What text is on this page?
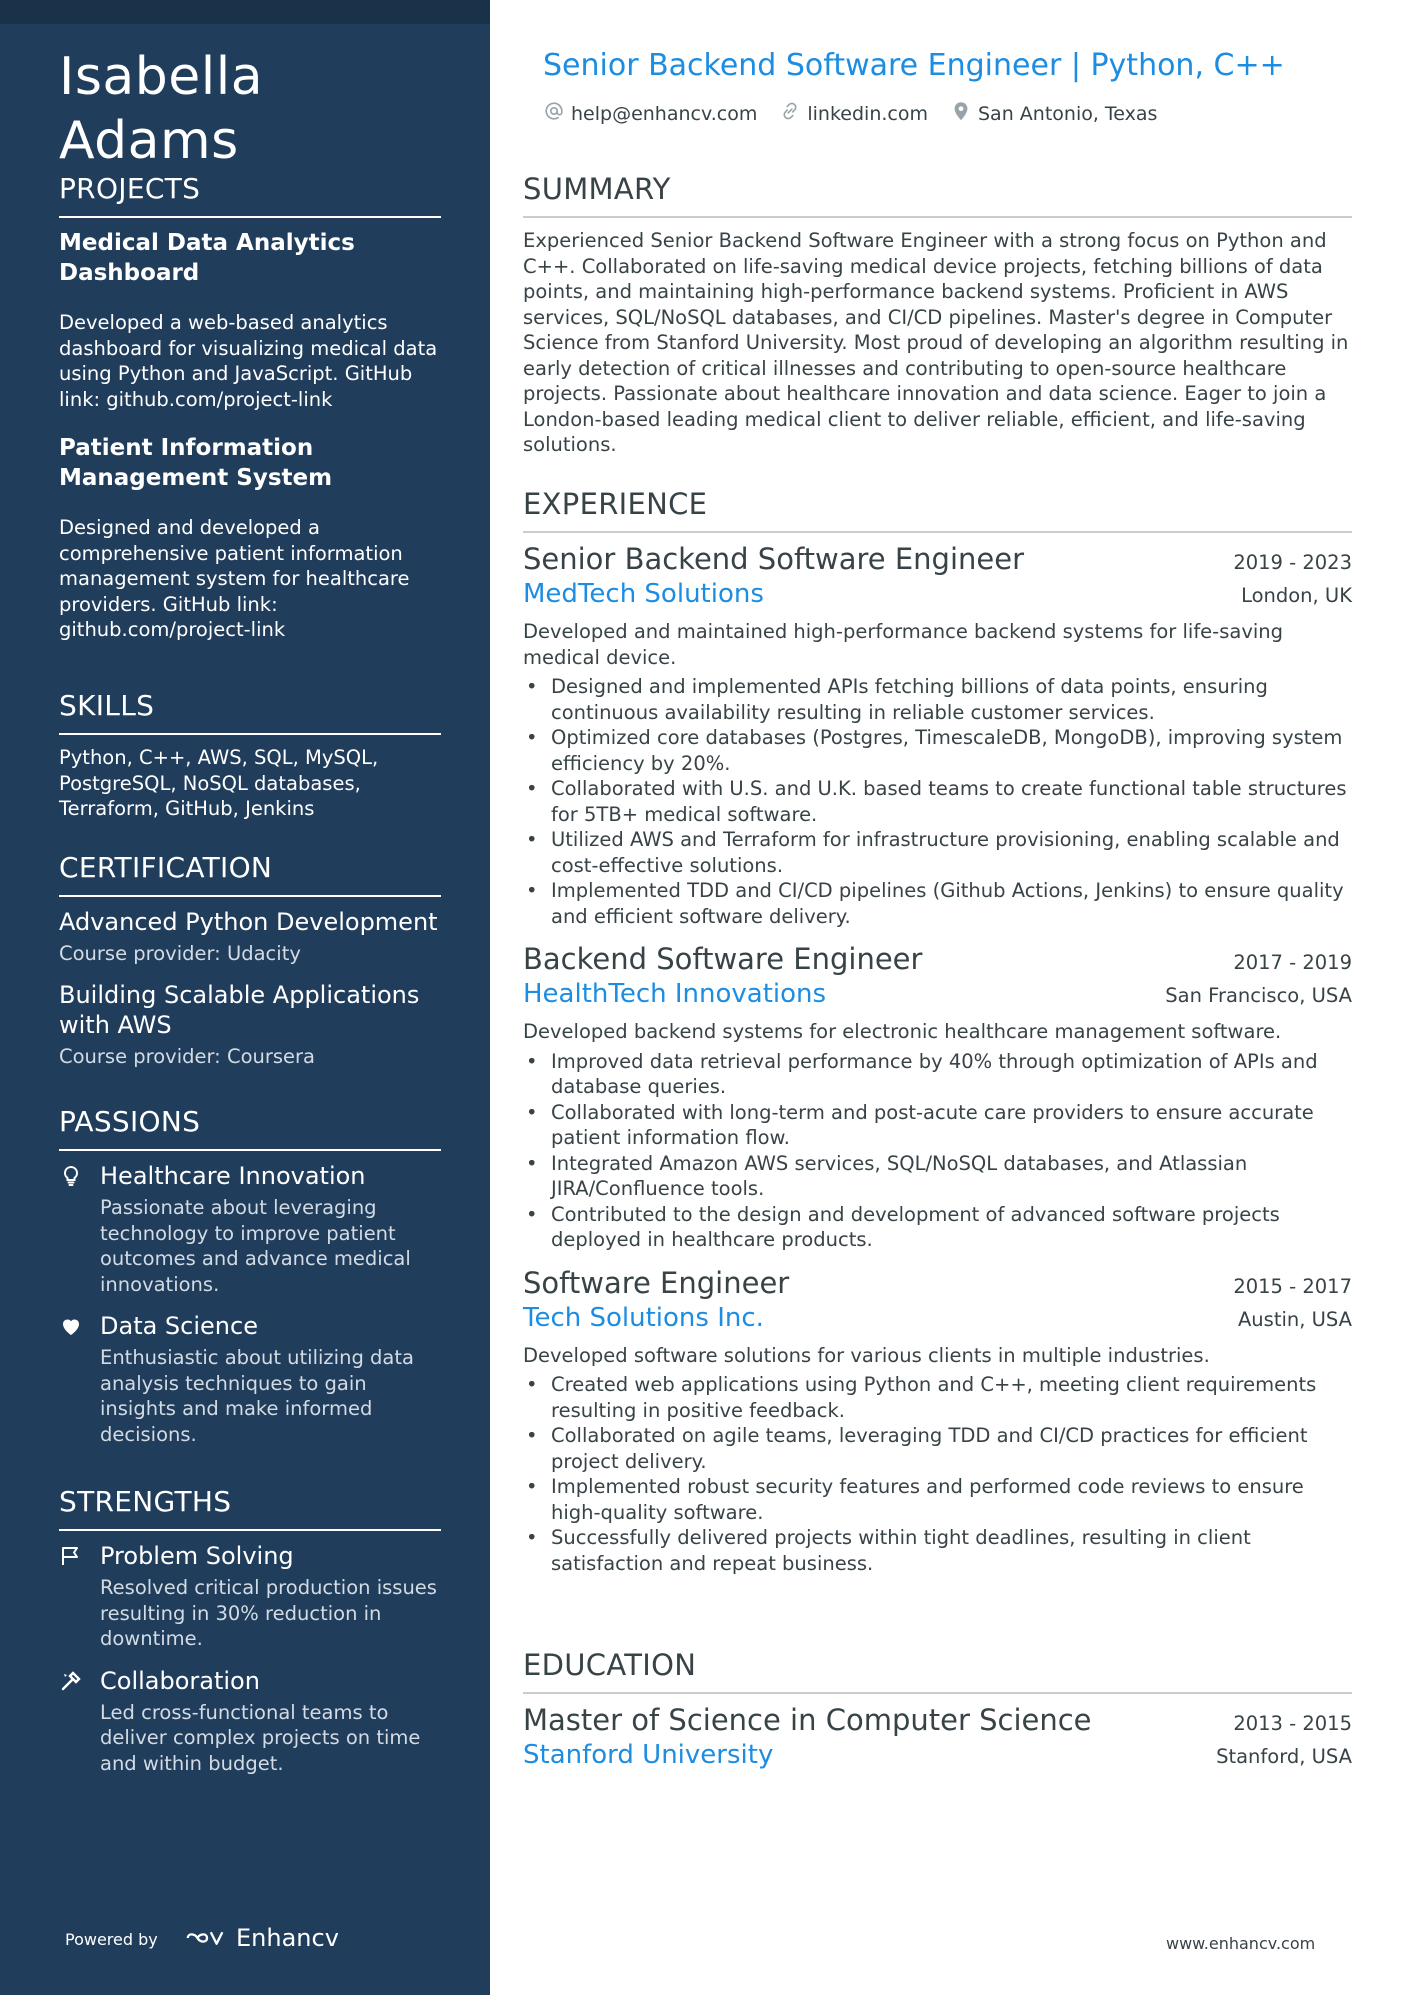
Isabella Adams
PROJECTS
Medical Data Analytics Dashboard
Developed a web-based analytics dashboard for visualizing medical data using Python and JavaScript. GitHub link: github.com/project-link
Patient Information Management System
Designed and developed a comprehensive patient information management system for healthcare providers. GitHub link: github.com/project-link
SKILLS
Python, C++, AWS, SQL, MySQL, PostgreSQL, NoSQL databases, Terraform, GitHub, Jenkins
CERTIFICATION
Advanced Python Development
Course provider: Udacity
Building Scalable Applications with AWS
Course provider: Coursera
PASSIONS
Healthcare Innovation
Passionate about leveraging technology to improve patient outcomes and advance medical innovations.
Data Science
Enthusiastic about utilizing data analysis techniques to gain insights and make informed decisions.
STRENGTHS
Problem Solving
Resolved critical production issues resulting in 30% reduction in downtime.
Collaboration
Led cross-functional teams to deliver complex projects on time and within budget.
Powered by	Enhancv
Senior Backend Software Engineer | Python, C++
help@enhancv.com	linkedin.com	San Antonio, Texas
SUMMARY
Experienced Senior Backend Software Engineer with a strong focus on Python and C++. Collaborated on life-saving medical device projects, fetching billions of data points, and maintaining high-performance backend systems. Proficient in AWS services, SQL/NoSQL databases, and CI/CD pipelines. Master's degree in Computer Science from Stanford University. Most proud of developing an algorithm resulting in early detection of critical illnesses and contributing to open-source healthcare projects. Passionate about healthcare innovation and data science. Eager to join a London-based leading medical client to deliver reliable, efficient, and life-saving solutions.
EXPERIENCE
Senior Backend Software Engineer	2019 - 2023
MedTech Solutions	London, UK
Developed and maintained high-performance backend systems for life-saving medical device.
• Designed and implemented APIs fetching billions of data points, ensuring continuous availability resulting in reliable customer services.
• Optimized core databases (Postgres, TimescaleDB, MongoDB), improving system efficiency by 20%.
• Collaborated with U.S. and U.K. based teams to create functional table structures for 5TB+ medical software.
• Utilized AWS and Terraform for infrastructure provisioning, enabling scalable and cost-effective solutions.
• Implemented TDD and CI/CD pipelines (Github Actions, Jenkins) to ensure quality and efficient software delivery.
Backend Software Engineer	2017 - 2019
HealthTech Innovations	San Francisco, USA
Developed backend systems for electronic healthcare management software.
• Improved data retrieval performance by 40% through optimization of APIs and database queries.
• Collaborated with long-term and post-acute care providers to ensure accurate patient information flow.
• Integrated Amazon AWS services, SQL/NoSQL databases, and Atlassian JIRA/Confluence tools.
• Contributed to the design and development of advanced software projects deployed in healthcare products.
Software Engineer	2015 - 2017
Tech Solutions Inc.	Austin, USA
Developed software solutions for various clients in multiple industries.
• Created web applications using Python and C++, meeting client requirements resulting in positive feedback.
• Collaborated on agile teams, leveraging TDD and CI/CD practices for efficient project delivery.
• Implemented robust security features and performed code reviews to ensure high-quality software.
• Successfully delivered projects within tight deadlines, resulting in client satisfaction and repeat business.
EDUCATION
Master of Science in Computer Science	2013 - 2015
Stanford University	Stanford, USA
www.enhancv.com
